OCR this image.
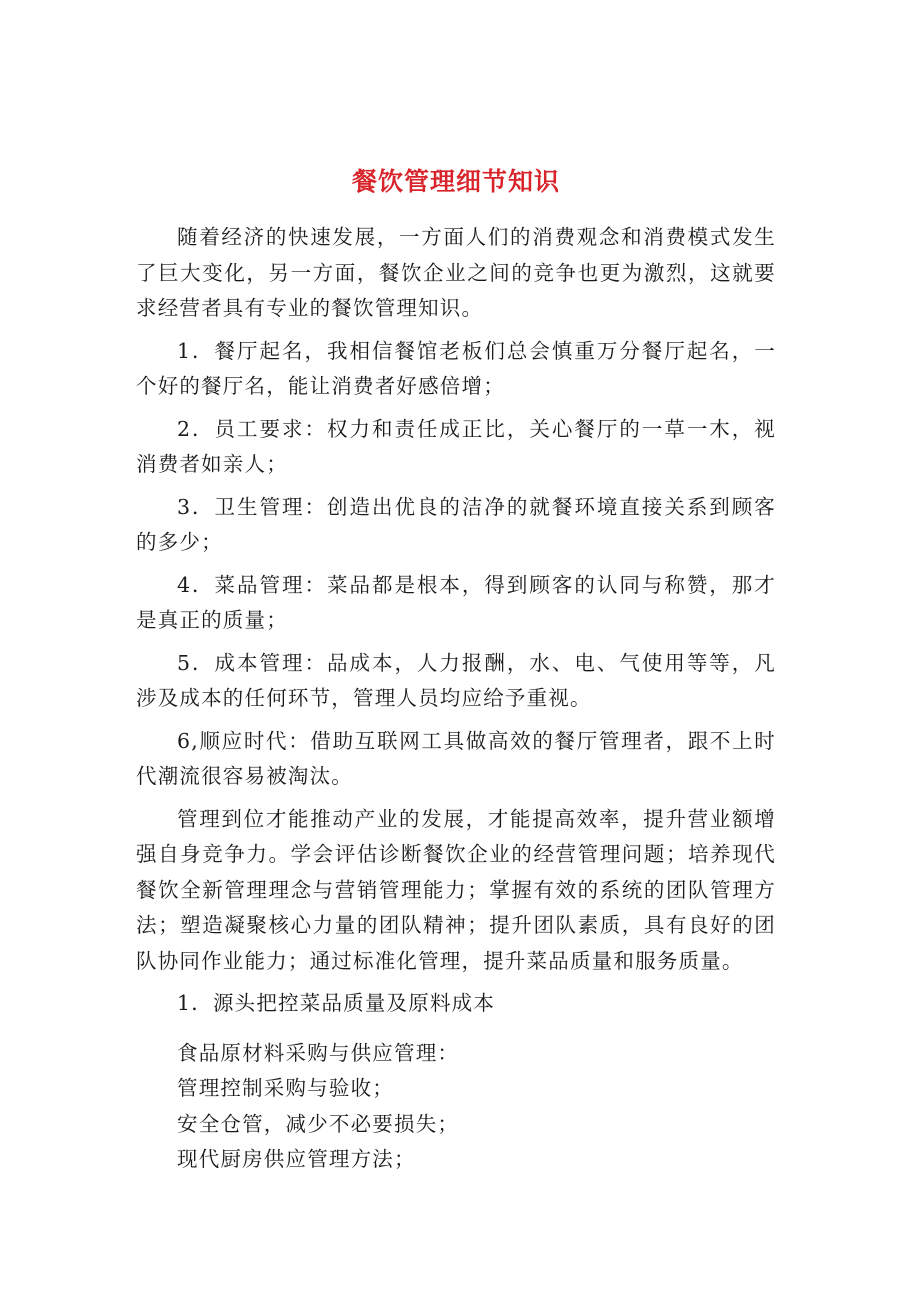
餐饮管理细节知识

随着经济的快速发展，一方面人们的消费观念和消费模式发生了巨大变化，另一方面，餐饮企业之间的竞争也更为激烈，这就要求经营者具有专业的餐饮管理知识。

1．餐厅起名，我相信餐馆老板们总会慎重万分餐厅起名，一个好的餐厅名，能让消费者好感倍增；

2．员工要求：权力和责任成正比，关心餐厅的一草一木，视消费者如亲人；

3．卫生管理：创造出优良的洁净的就餐环境直接关系到顾客的多少；

4．菜品管理：菜品都是根本，得到顾客的认同与称赞，那才是真正的质量；

5．成本管理：品成本，人力报酬，水、电、气使用等等，凡涉及成本的任何环节，管理人员均应给予重视。

6,顺应时代：借助互联网工具做高效的餐厅管理者，跟不上时代潮流很容易被淘汰。

管理到位才能推动产业的发展，才能提高效率，提升营业额增强自身竞争力。学会评估诊断餐饮企业的经营管理问题；培养现代餐饮全新管理理念与营销管理能力；掌握有效的系统的团队管理方法；塑造凝聚核心力量的团队精神；提升团队素质，具有良好的团队协同作业能力；通过标准化管理，提升菜品质量和服务质量。

1．源头把控菜品质量及原料成本

食品原材料采购与供应管理：

管理控制采购与验收；

安全仓管，减少不必要损失；

现代厨房供应管理方法；
